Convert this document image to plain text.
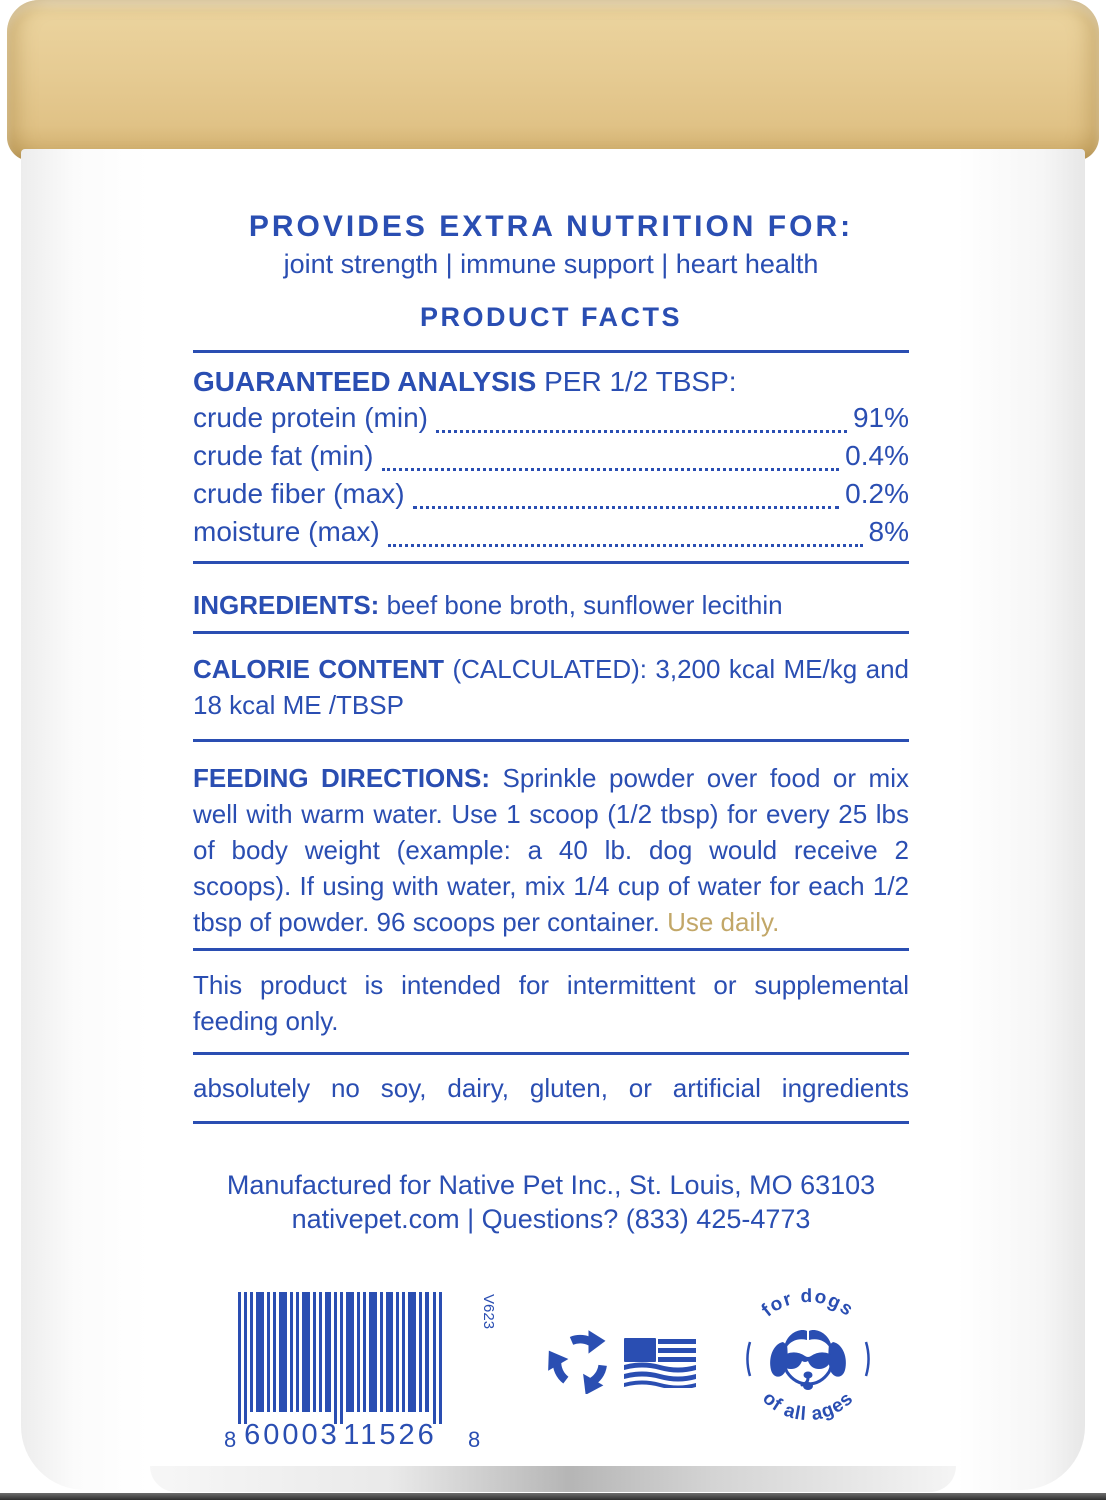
PROVIDES EXTRA NUTRITION FOR:
joint strength | immune support | heart health
PRODUCT FACTS
GUARANTEED ANALYSIS PER 1/2 TBSP:
crude protein (min)	91%
crude fat (min)	0.4%
crude fiber (max)	0.2%
moisture (max)	8%
INGREDIENTS: beef bone broth, sunflower lecithin
CALORIE CONTENT (CALCULATED): 3,200 kcal ME/kg and 18 kcal ME /TBSP
FEEDING DIRECTIONS: Sprinkle powder over food or mix well with warm water. Use 1 scoop (1/2 tbsp) for every 25 lbs of body weight (example: a 40 lb. dog would receive 2 scoops). If using with water, mix 1/4 cup of water for each 1/2 tbsp of powder. 96 scoops per container. Use daily.
This product is intended for intermittent or supplemental feeding only.
absolutely no soy, dairy, gluten, or artificial ingredients
Manufactured for Native Pet Inc., St. Louis, MO 63103
nativepet.com | Questions? (833) 425-4773
8 60003 11526 8
V623	for dogs
of all ages
